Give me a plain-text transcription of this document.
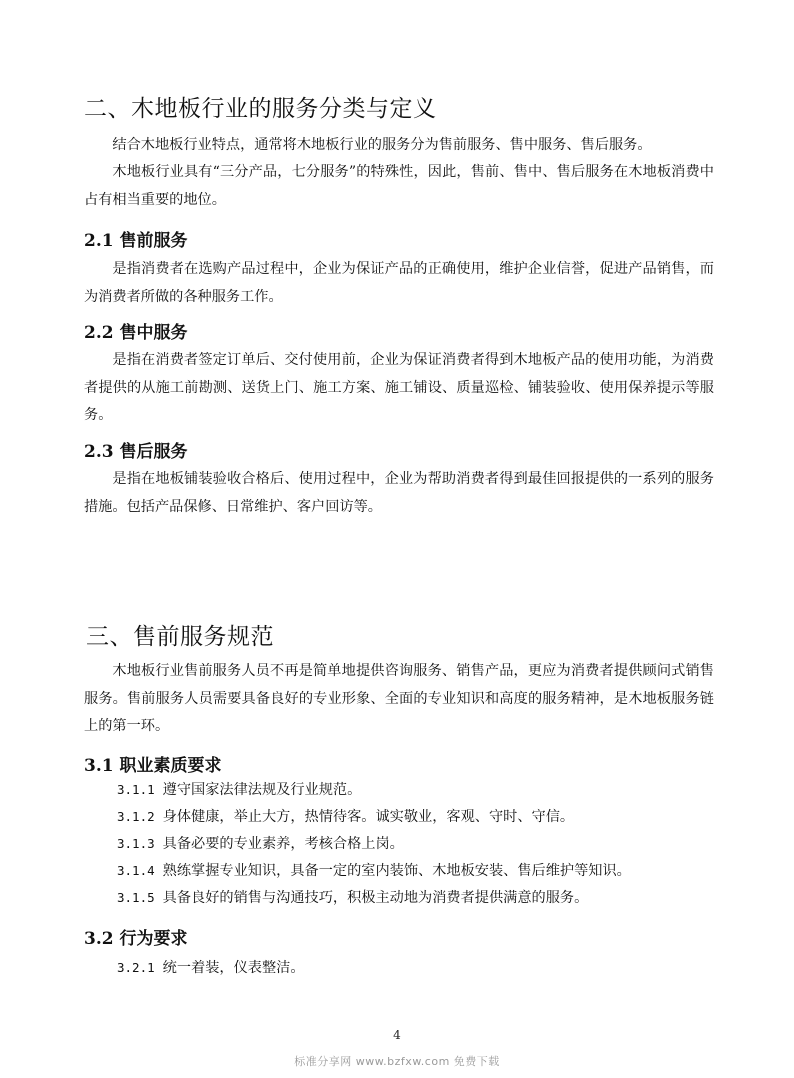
二、木地板行业的服务分类与定义

结合木地板行业特点，通常将木地板行业的服务分为售前服务、售中服务、售后服务。

木地板行业具有“三分产品，七分服务”的特殊性，因此，售前、售中、售后服务在木地板消费中占有相当重要的地位。

2.1 售前服务

是指消费者在选购产品过程中，企业为保证产品的正确使用，维护企业信誉，促进产品销售，而为消费者所做的各种服务工作。

2.2 售中服务

是指在消费者签定订单后、交付使用前，企业为保证消费者得到木地板产品的使用功能，为消费者提供的从施工前勘测、送货上门、施工方案、施工铺设、质量巡检、铺装验收、使用保养提示等服务。

2.3 售后服务

是指在地板铺装验收合格后、使用过程中，企业为帮助消费者得到最佳回报提供的一系列的服务措施。包括产品保修、日常维护、客户回访等。

三、售前服务规范

木地板行业售前服务人员不再是简单地提供咨询服务、销售产品，更应为消费者提供顾问式销售服务。售前服务人员需要具备良好的专业形象、全面的专业知识和高度的服务精神，是木地板服务链上的第一环。

3.1 职业素质要求

3.1.1 遵守国家法律法规及行业规范。

3.1.2 身体健康，举止大方，热情待客。诚实敬业，客观、守时、守信。

3.1.3 具备必要的专业素养，考核合格上岗。

3.1.4 熟练掌握专业知识，具备一定的室内装饰、木地板安装、售后维护等知识。

3.1.5 具备良好的销售与沟通技巧，积极主动地为消费者提供满意的服务。

3.2 行为要求

3.2.1 统一着装，仪表整洁。

4
标准分享网 www.bzfxw.com 免费下载
